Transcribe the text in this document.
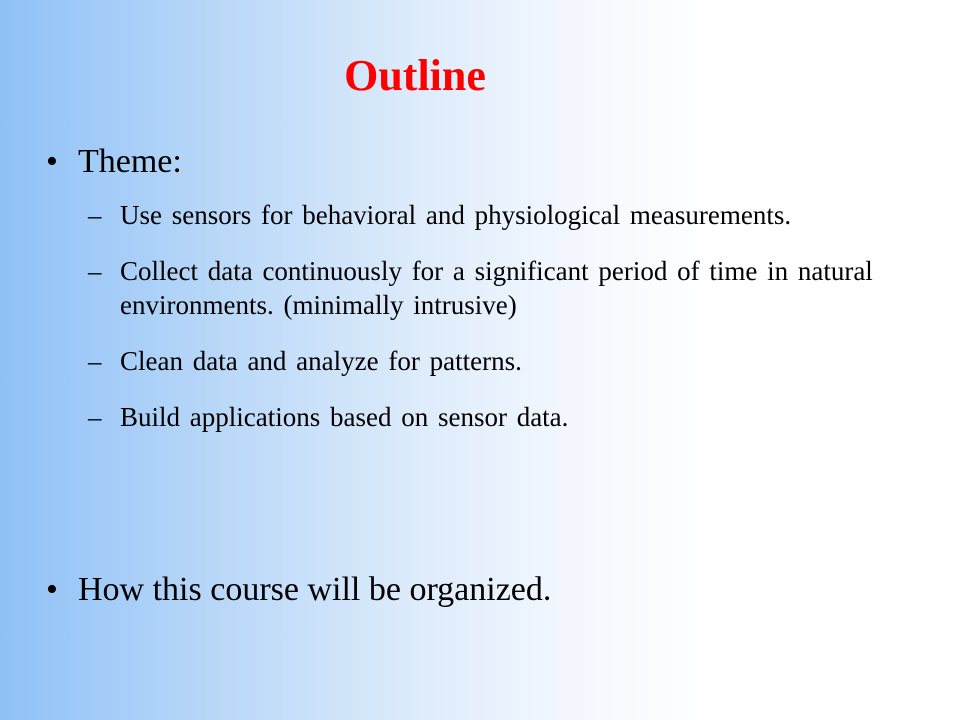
Outline
• Theme:
– Use sensors for behavioral and physiological measurements.
– Collect data continuously for a significant period of time in natural environments. (minimally intrusive)
– Clean data and analyze for patterns.
– Build applications based on sensor data.
• How this course will be organized.
